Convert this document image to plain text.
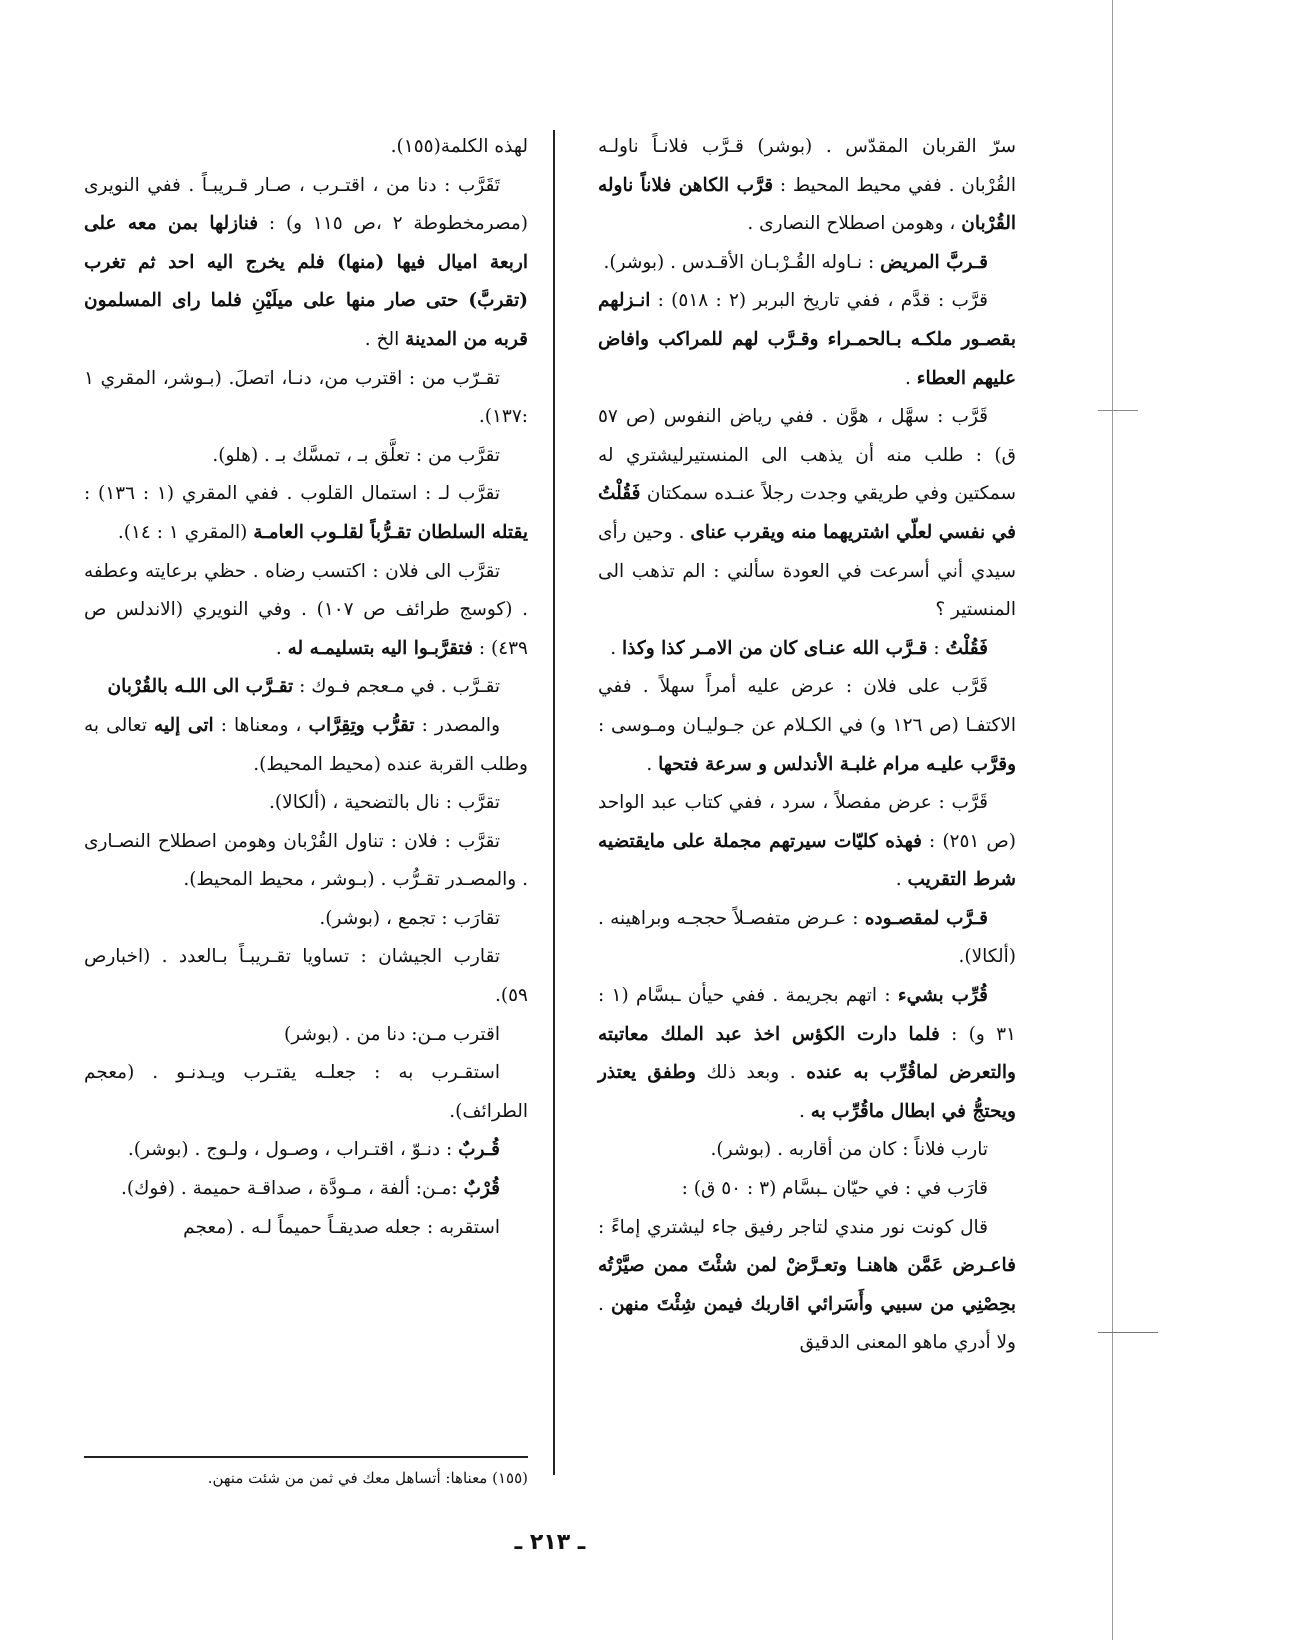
سرّ القربان المقدّس . (بوشر) قـرَّب فلانـاً ناولـه القُرْبان . ففي محيط المحيط : قرَّب الكاهن فلاناً ناوله القُرْبان ، وهومن اصطلاح النصارى .

قـربَّ المريض : نـاوله القُـرْبـان الأقـدس . (بوشر).

قرَّب : قدَّم ، ففي تاريخ البربر (٢ : ٥١٨) : انـزلهم بقصـور ملكـه بـالحمـراء وقـرَّب لهم للمراكب وافاض عليهم العطاء .

قَرَّب : سهَّل ، هوَّن . ففي رياض النفوس (ص ٥٧ ق) : طلب منه أن يذهب الى المنستيرليشتري له سمكتين وفي طريقي وجدت رجلاً عنـده سمكتان فَقُلْتُ في نفسي لعلّي اشتريهما منه ويقرب عناى . وحين رأى سيدي أني أسرعت في العودة سألني : الم تذهب الى المنستير ؟

فَقُلْتُ : قـرَّب الله عنـاى كان من الامـر كذا وكذا .

قَرَّب على فلان : عرض عليه أمراً سهلاً . ففي الاكتفـا (ص ١٢٦ و) في الكـلام عن جـوليـان ومـوسى : وقرَّب عليـه مرام غلبـة الأندلس و سرعة فتحها .

قَرَّب : عرض مفصلاً ، سرد ، ففي كتاب عبد الواحد (ص ٢٥١) : فهذه كليّات سيرتهم مجملة على مايقتضيه شرط التقريب .

قـرَّب لمقصـوده : عـرض متفصـلاً حججـه وبراهينه . (ألكالا).

قُرِّب بشيء : اتهم بجريمة . ففي حيأن ـبسَّام (١ : ٣١ و) : فلما دارت الكؤس اخذ عبد الملك معاتبته والتعرض لماقُرِّب به عنده . وبعد ذلك وطفق يعتذر ويحتجُّ في ابطال ماقُرِّب به .

تارب فلاناً : كان من أقاربه . (بوشر).

قارَب في : في حيّان ـبسَّام (٣ : ٥٠ ق) :

قال كونت نور مندي لتاجر رفيق جاء ليشتري إماءً : فاعـرض عَمَّن هاهنـا وتعـرَّضْ لمن شئْتَ ممن صيَّرْتُه بحِصْنِي من سبيي وأَسَرائي اقاربك فيمن شِئْتَ منهن . ولا أدري ماهو المعنى الدقيق

لهذه الكلمة(١٥٥).

تَقَرَّب : دنا من ، اقتـرب ، صـار قـريبـاً . ففي النويرى (مصرمخطوطة ٢ ،ص ١١٥ و) : فنازلها بمن معه على اربعة اميال فيها (منها) فلم يخرج اليه احد ثم تغرب (تقربَّ) حتى صار منها على ميلَيْنِ فلما راى المسلمون قربه من المدينة الخ .

تقـرّب من : اقترب من، دنـا، اتصلَ. (بـوشر، المقري ١ :١٣٧).

تقرَّب من : تعلَّق بـ ، تمسَّك بـ . (هلو).

تقرَّب لـ : استمال القلوب . ففي المقري (١ : ١٣٦) : يقتله السلطان تقـرُّباً لقلـوب العامـة (المقري ١ : ١٤).

تقرَّب الى فلان : اكتسب رضاه . حظي برعايته وعطفه . (كوسج طرائف ص ١٠٧) . وفي النويري (الاندلس ص ٤٣٩) : فتقرَّبـوا اليه بتسليمـه له .

تقـرَّب . في مـعجم فـوك : تقـرَّب الى اللـه بالقُرْبان

والمصدر : تقرُّب وتِقِرَّاب ، ومعناها : اتى إليه تعالى به وطلب القربة عنده (محيط المحيط).

تقرَّب : نال بالتضحية ، (ألكالا).

تقرَّب : فلان : تناول القُرْبان وهومن اصطلاح النصـارى . والمصـدر تقـرُّب . (بـوشر ، محيط المحيط).

تقارَب : تجمع ، (بوشر).

تقارب الجيشان : تساويا تقـريبـاً بـالعدد . (اخبارص ٥٩).

اقترب مـن: دنا من . (بوشر)

استقـرب به : جعلـه يقتـرب ويـدنـو . (معجم الطرائف).

قُـربٌ : دنـوّ ، اقتـراب ، وصـول ، ولـوج . (بوشر).

قُرْبٌ :مـن: ألفة ، مـودَّة ، صداقـة حميمة . (فوك).

استقربه : جعله صديقـاً حميماً لـه . (معجم

(١٥٥) معناها: أتساهل معك في ثمن من شئت منهن.
ـ ٢١٣ ـ
